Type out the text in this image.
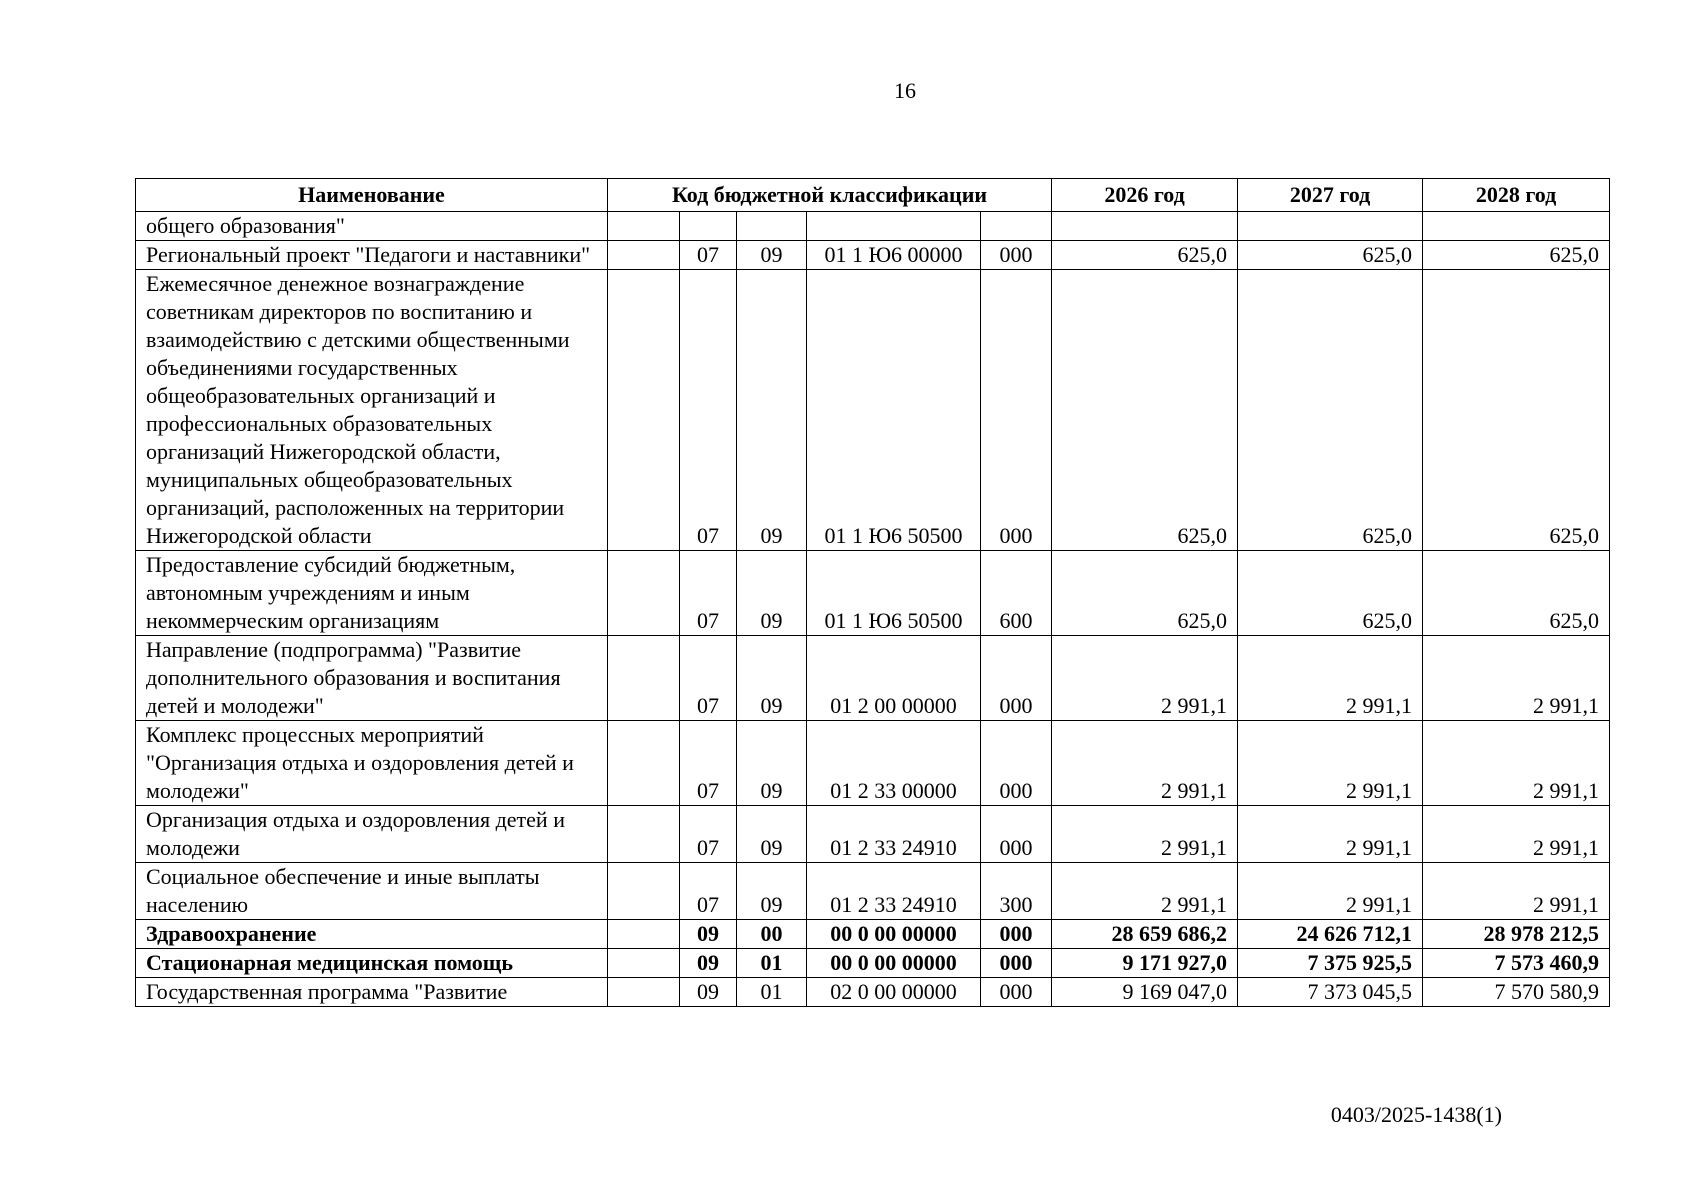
16
Наименование	Код бюджетной классификации					2026 год	2027 год	2028 год
общего образования"								
Региональный проект "Педагоги и наставники"		07	09	01 1 Ю6 00000	000	625,0	625,0	625,0
Ежемесячное денежное вознаграждение советникам директоров по воспитанию и взаимодействию с детскими общественными объединениями государственных общеобразовательных организаций и профессиональных образовательных организаций Нижегородской области, муниципальных общеобразовательных организаций, расположенных на территории Нижегородской области		07	09	01 1 Ю6 50500	000	625,0	625,0	625,0
Предоставление субсидий бюджетным, автономным учреждениям и иным некоммерческим организациям		07	09	01 1 Ю6 50500	600	625,0	625,0	625,0
Направление (подпрограмма) "Развитие дополнительного образования и воспитания детей и молодежи"		07	09	01 2 00 00000	000	2 991,1	2 991,1	2 991,1
Комплекс процессных мероприятий "Организация отдыха и оздоровления детей и молодежи"		07	09	01 2 33 00000	000	2 991,1	2 991,1	2 991,1
Организация отдыха и оздоровления детей и молодежи		07	09	01 2 33 24910	000	2 991,1	2 991,1	2 991,1
Социальное обеспечение и иные выплаты населению		07	09	01 2 33 24910	300	2 991,1	2 991,1	2 991,1
Здравоохранение		09	00	00 0 00 00000	000	28 659 686,2	24 626 712,1	28 978 212,5
Стационарная медицинская помощь		09	01	00 0 00 00000	000	9 171 927,0	7 375 925,5	7 573 460,9
Государственная программа "Развитие		09	01	02 0 00 00000	000	9 169 047,0	7 373 045,5	7 570 580,9
0403/2025-1438(1)
